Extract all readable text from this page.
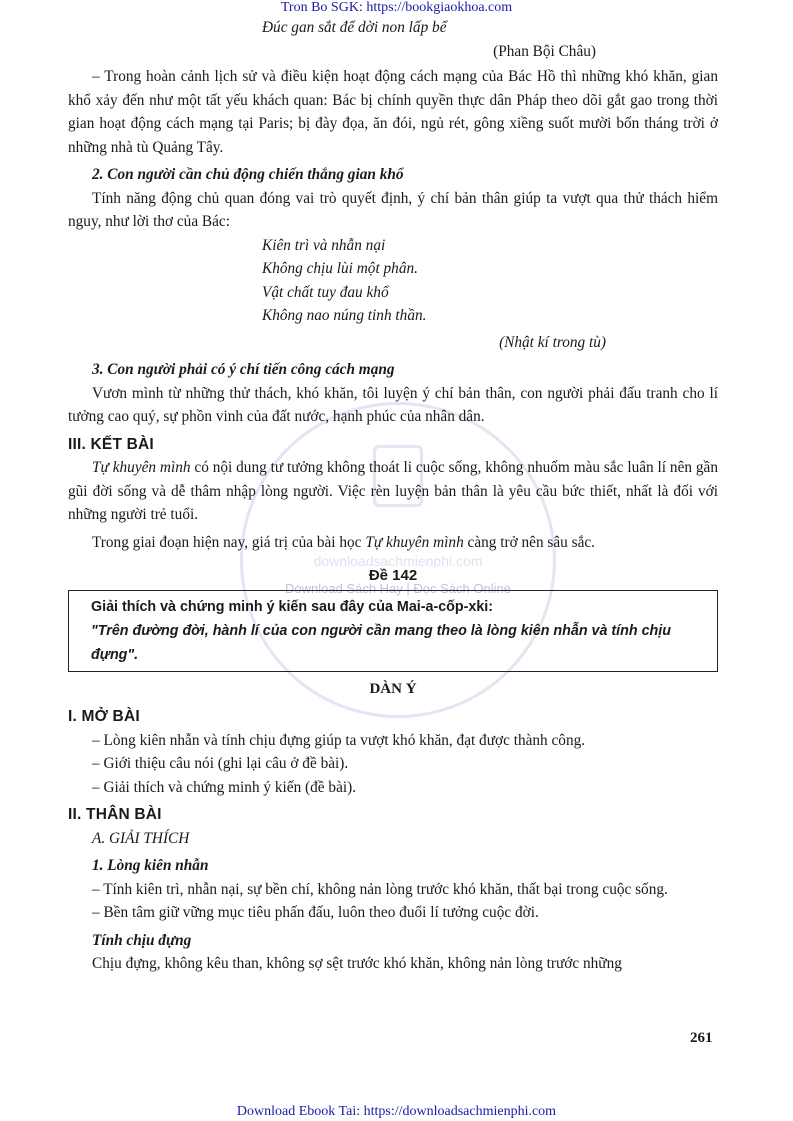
Tron Bo SGK: https://bookgiaokhoa.com
downloadsachmienphi.com
Download Sách Hay | Đọc Sách Online
Đúc gan sắt để dời non lấp bể
(Phan Bội Châu)
– Trong hoàn cảnh lịch sử và điều kiện hoạt động cách mạng của Bác Hồ thì những khó khăn, gian khổ xảy đến như một tất yếu khách quan: Bác bị chính quyền thực dân Pháp theo dõi gắt gao trong thời gian hoạt động cách mạng tại Paris; bị đày đọa, ăn đói, ngủ rét, gông xiềng suốt mười bốn tháng trời ở những nhà tù Quảng Tây.
2. Con người cần chủ động chiến thắng gian khổ
Tính năng động chủ quan đóng vai trò quyết định, ý chí bản thân giúp ta vượt qua thử thách hiểm nguy, như lời thơ của Bác:
Kiên trì và nhẫn nại
Không chịu lùi một phân.
Vật chất tuy đau khổ
Không nao núng tinh thần.
(Nhật kí trong tù)
3. Con người phải có ý chí tiến công cách mạng
Vươn mình từ những thử thách, khó khăn, tôi luyện ý chí bản thân, con người phải đấu tranh cho lí tưởng cao quý, sự phồn vinh của đất nước, hạnh phúc của nhân dân.
III. KẾT BÀI
Tự khuyên mình có nội dung tư tưởng không thoát li cuộc sống, không nhuốm màu sắc luân lí nên gần gũi đời sống và dễ thâm nhập lòng người. Việc rèn luyện bản thân là yêu cầu bức thiết, nhất là đối với những người trẻ tuổi.
Trong giai đoạn hiện nay, giá trị của bài học Tự khuyên mình càng trở nên sâu sắc.
Đề 142
Giải thích và chứng minh ý kiến sau đây của Mai-a-cốp-xki:
"Trên đường đời, hành lí của con người cần mang theo là lòng kiên nhẫn và tính chịu đựng".
DÀN Ý
I. MỞ BÀI
– Lòng kiên nhẫn và tính chịu đựng giúp ta vượt khó khăn, đạt được thành công.
– Giới thiệu câu nói (ghi lại câu ở đề bài).
– Giải thích và chứng minh ý kiến (đề bài).
II. THÂN BÀI
A. GIẢI THÍCH
1. Lòng kiên nhẫn
– Tính kiên trì, nhẫn nại, sự bền chí, không nản lòng trước khó khăn, thất bại trong cuộc sống.
– Bền tâm giữ vững mục tiêu phấn đấu, luôn theo đuổi lí tưởng cuộc đời.
Tính chịu đựng
Chịu đựng, không kêu than, không sợ sệt trước khó khăn, không nản lòng trước những
261
Download Ebook Tai: https://downloadsachmienphi.com
